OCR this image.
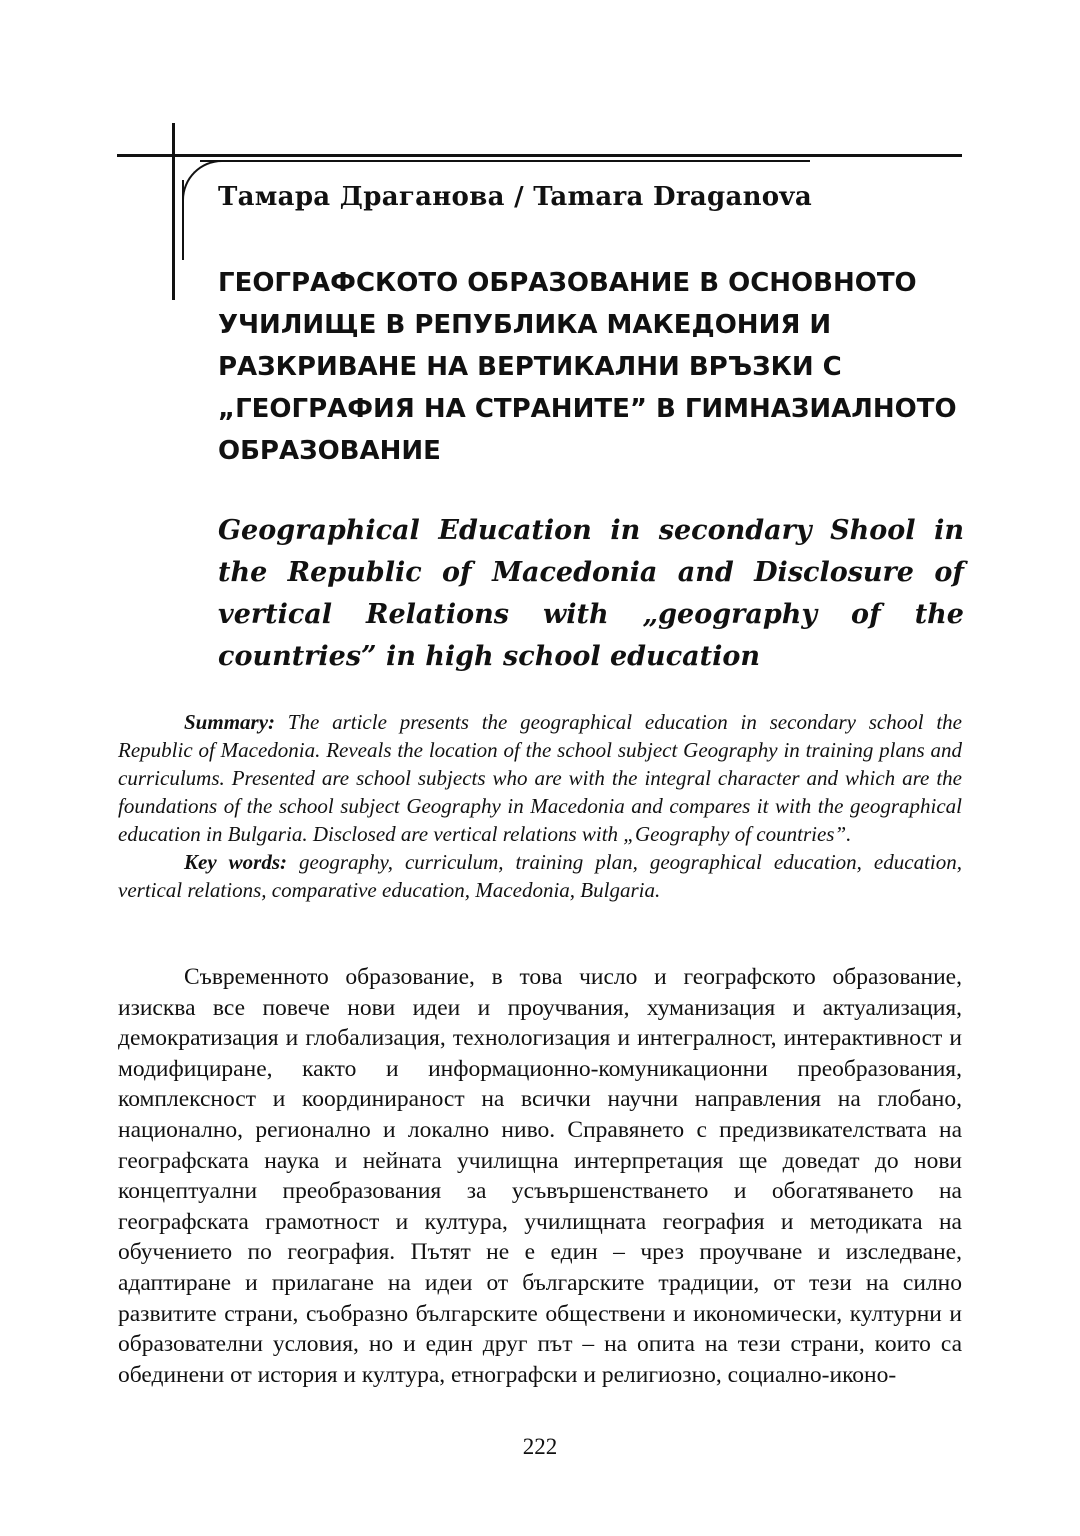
Тамара Драганова / Tamara Draganova
ГЕОГРАФСКОТО ОБРАЗОВАНИЕ В ОСНОВНОТО
УЧИЛИЩЕ В РЕПУБЛИКА МАКЕДОНИЯ И
РАЗКРИВАНЕ НА ВЕРТИКАЛНИ ВРЪЗКИ С
„ГЕОГРАФИЯ НА СТРАНИТЕ” В ГИМНАЗИАЛНОТО
ОБРАЗОВАНИЕ
Geographical Education in secondary Shool in the Republic of Macedonia and Disclosure of vertical Relations with „geography of the countries” in high school education

Summary: The article presents the geographical education in secondary school the Republic of Macedonia. Reveals the location of the school subject Geography in training plans and curriculums. Presented are school subjects who are with the integral character and which are the foundations of the school subject Geography in Macedonia and compares it with the geographical education in Bulgaria. Disclosed are vertical relations with „Geography of countries”.

Key words: geography, curriculum, training plan, geographical education, education, vertical relations, comparative education, Macedonia, Bulgaria.

Съвременното образование, в това число и географското образование, изисква все повече нови идеи и проучвания, хуманизация и актуализация, демократизация и глобализация, технологизация и интегралност, интерактивност и модифициране, както и информационно-комуникационни преобразования, комплексност и координираност на всички научни направления на глобано, национално, регионално и локално ниво. Справянето с предизвикателствата на географската наука и нейната училищна интерпретация ще доведат до нови концептуални преобразования за усъвършенстването и обогатяването на географската грамотност и култура, училищната география и методиката на обучението по география. Пътят не е един – чрез проучване и изследване, адаптиране и прилагане на идеи от българските традиции, от тези на силно развитите страни, съобразно българските обществени и икономически, културни и образователни условия, но и един друг път – на опита на тези страни, които са обединени от история и култура, етнографски и религиозно, социално-иконо-

222
